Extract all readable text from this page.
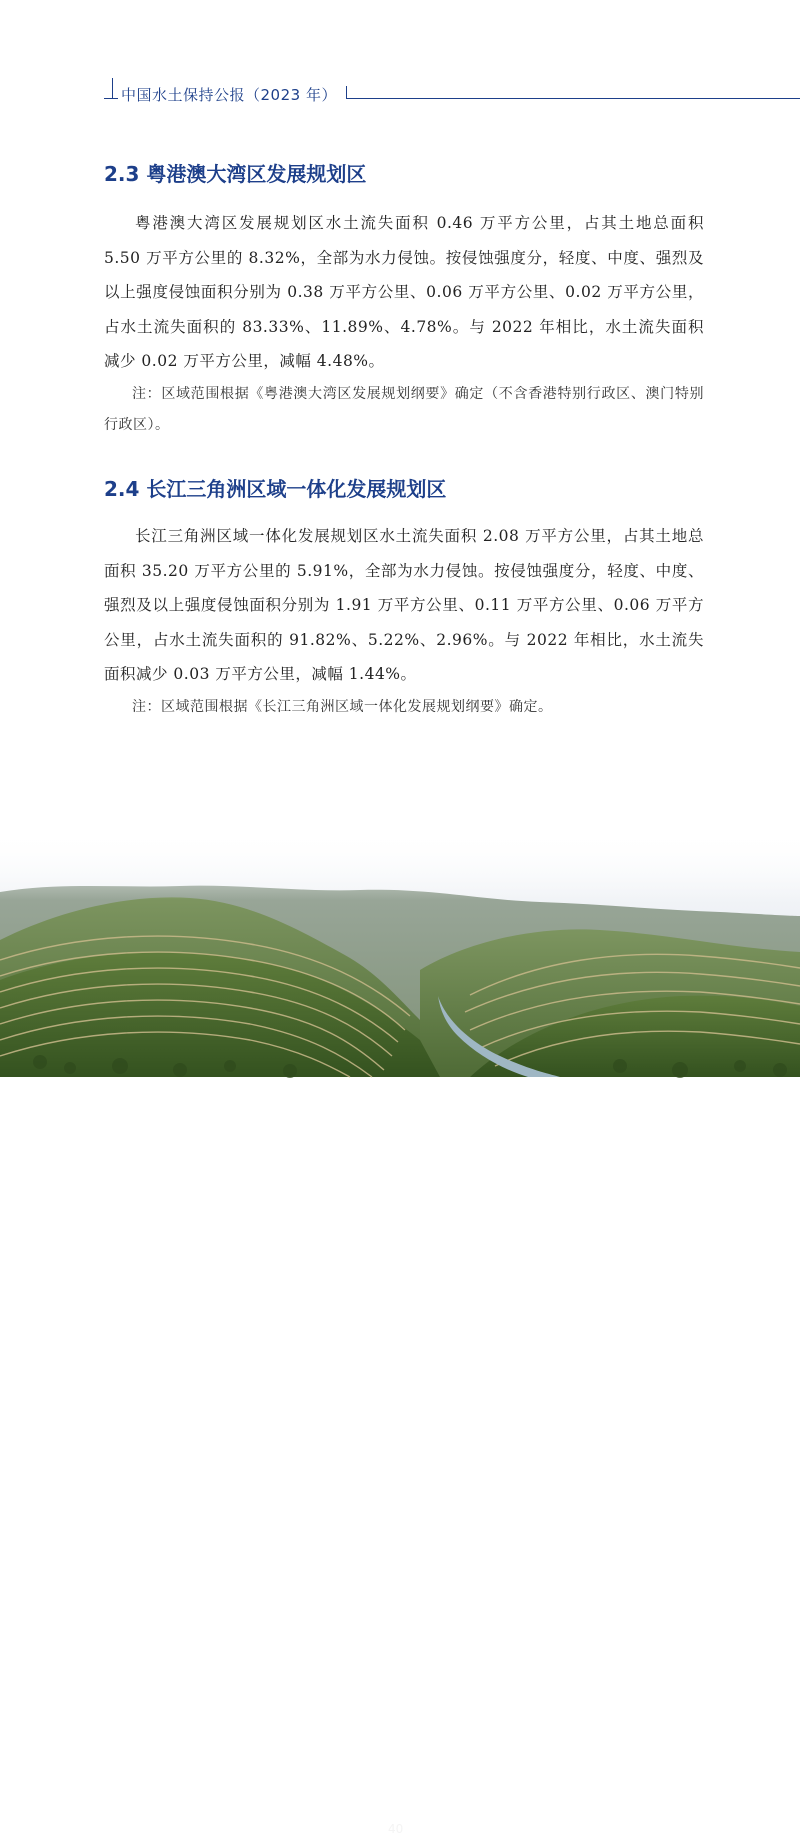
中国水土保持公报（2023 年）
2.3 粤港澳大湾区发展规划区

粤港澳大湾区发展规划区水土流失面积 0.46 万平方公里，占其土地总面积 5.50 万平方公里的 8.32%，全部为水力侵蚀。按侵蚀强度分，轻度、中度、强烈及以上强度侵蚀面积分别为 0.38 万平方公里、0.06 万平方公里、0.02 万平方公里，占水土流失面积的 83.33%、11.89%、4.78%。与 2022 年相比，水土流失面积减少 0.02 万平方公里，减幅 4.48%。

注：区域范围根据《粤港澳大湾区发展规划纲要》确定（不含香港特别行政区、澳门特别行政区）。

2.4 长江三角洲区域一体化发展规划区

长江三角洲区域一体化发展规划区水土流失面积 2.08 万平方公里，占其土地总面积 35.20 万平方公里的 5.91%，全部为水力侵蚀。按侵蚀强度分，轻度、中度、强烈及以上强度侵蚀面积分别为 1.91 万平方公里、0.11 万平方公里、0.06 万平方公里，占水土流失面积的 91.82%、5.22%、2.96%。与 2022 年相比，水土流失面积减少 0.03 万平方公里，减幅 1.44%。

注：区域范围根据《长江三角洲区域一体化发展规划纲要》确定。

40
